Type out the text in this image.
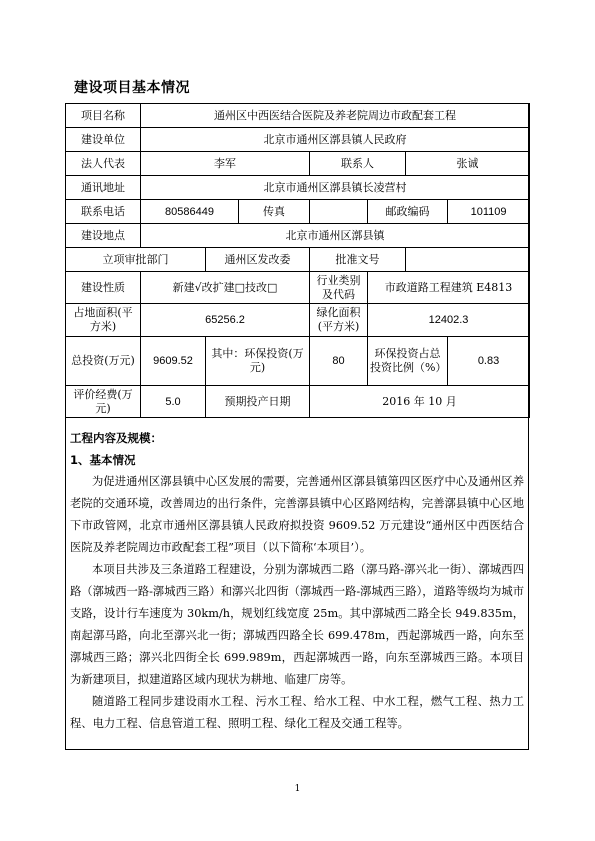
建设项目基本情况
项目名称	通州区中西医结合医院及养老院周边市政配套工程						
建设单位	北京市通州区漷县镇人民政府						
法人代表	李军			联系人		张诚	
通讯地址	北京市通州区漷县镇长凌营村						
联系电话	80586449		传真		邮政编码		101109
建设地点	北京市通州区漷县镇						
立项审批部门		通州区发改委		批准文号			
建设性质	新建√改扩建□技改□			行业类别及代码	市政道路工程建筑 E4813		
占地面积(平方米)	65256.2			绿化面积(平方米)	12402.3		
总投资(万元)	9609.52	其中：环保投资(万元)		80	环保投资占总投资比例（%）		0.83
评价经费(万元)	5.0	预期投产日期		2016 年 10 月			

工程内容及规模：

1、基本情况

为促进通州区漷县镇中心区发展的需要，完善通州区漷县镇第四区医疗中心及通州区养老院的交通环境，改善周边的出行条件，完善漷县镇中心区路网结构，完善漷县镇中心区地下市政管网，北京市通州区漷县镇人民政府拟投资 9609.52 万元建设“通州区中西医结合医院及养老院周边市政配套工程”项目（以下简称‘本项目’）。

本项目共涉及三条道路工程建设，分别为漷城西二路（漷马路-漷兴北一街）、漷城西四路（漷城西一路-漷城西三路）和漷兴北四街（漷城西一路-漷城西三路），道路等级均为城市支路，设计行车速度为 30km/h，规划红线宽度 25m。其中漷城西二路全长 949.835m，南起漷马路，向北至漷兴北一街；漷城西四路全长 699.478m，西起漷城西一路，向东至漷城西三路；漷兴北四街全长 699.989m，西起漷城西一路，向东至漷城西三路。本项目为新建项目，拟建道路区域内现状为耕地、临建厂房等。

随道路工程同步建设雨水工程、污水工程、给水工程、中水工程，燃气工程、热力工程、电力工程、信息管道工程、照明工程、绿化工程及交通工程等。

1
